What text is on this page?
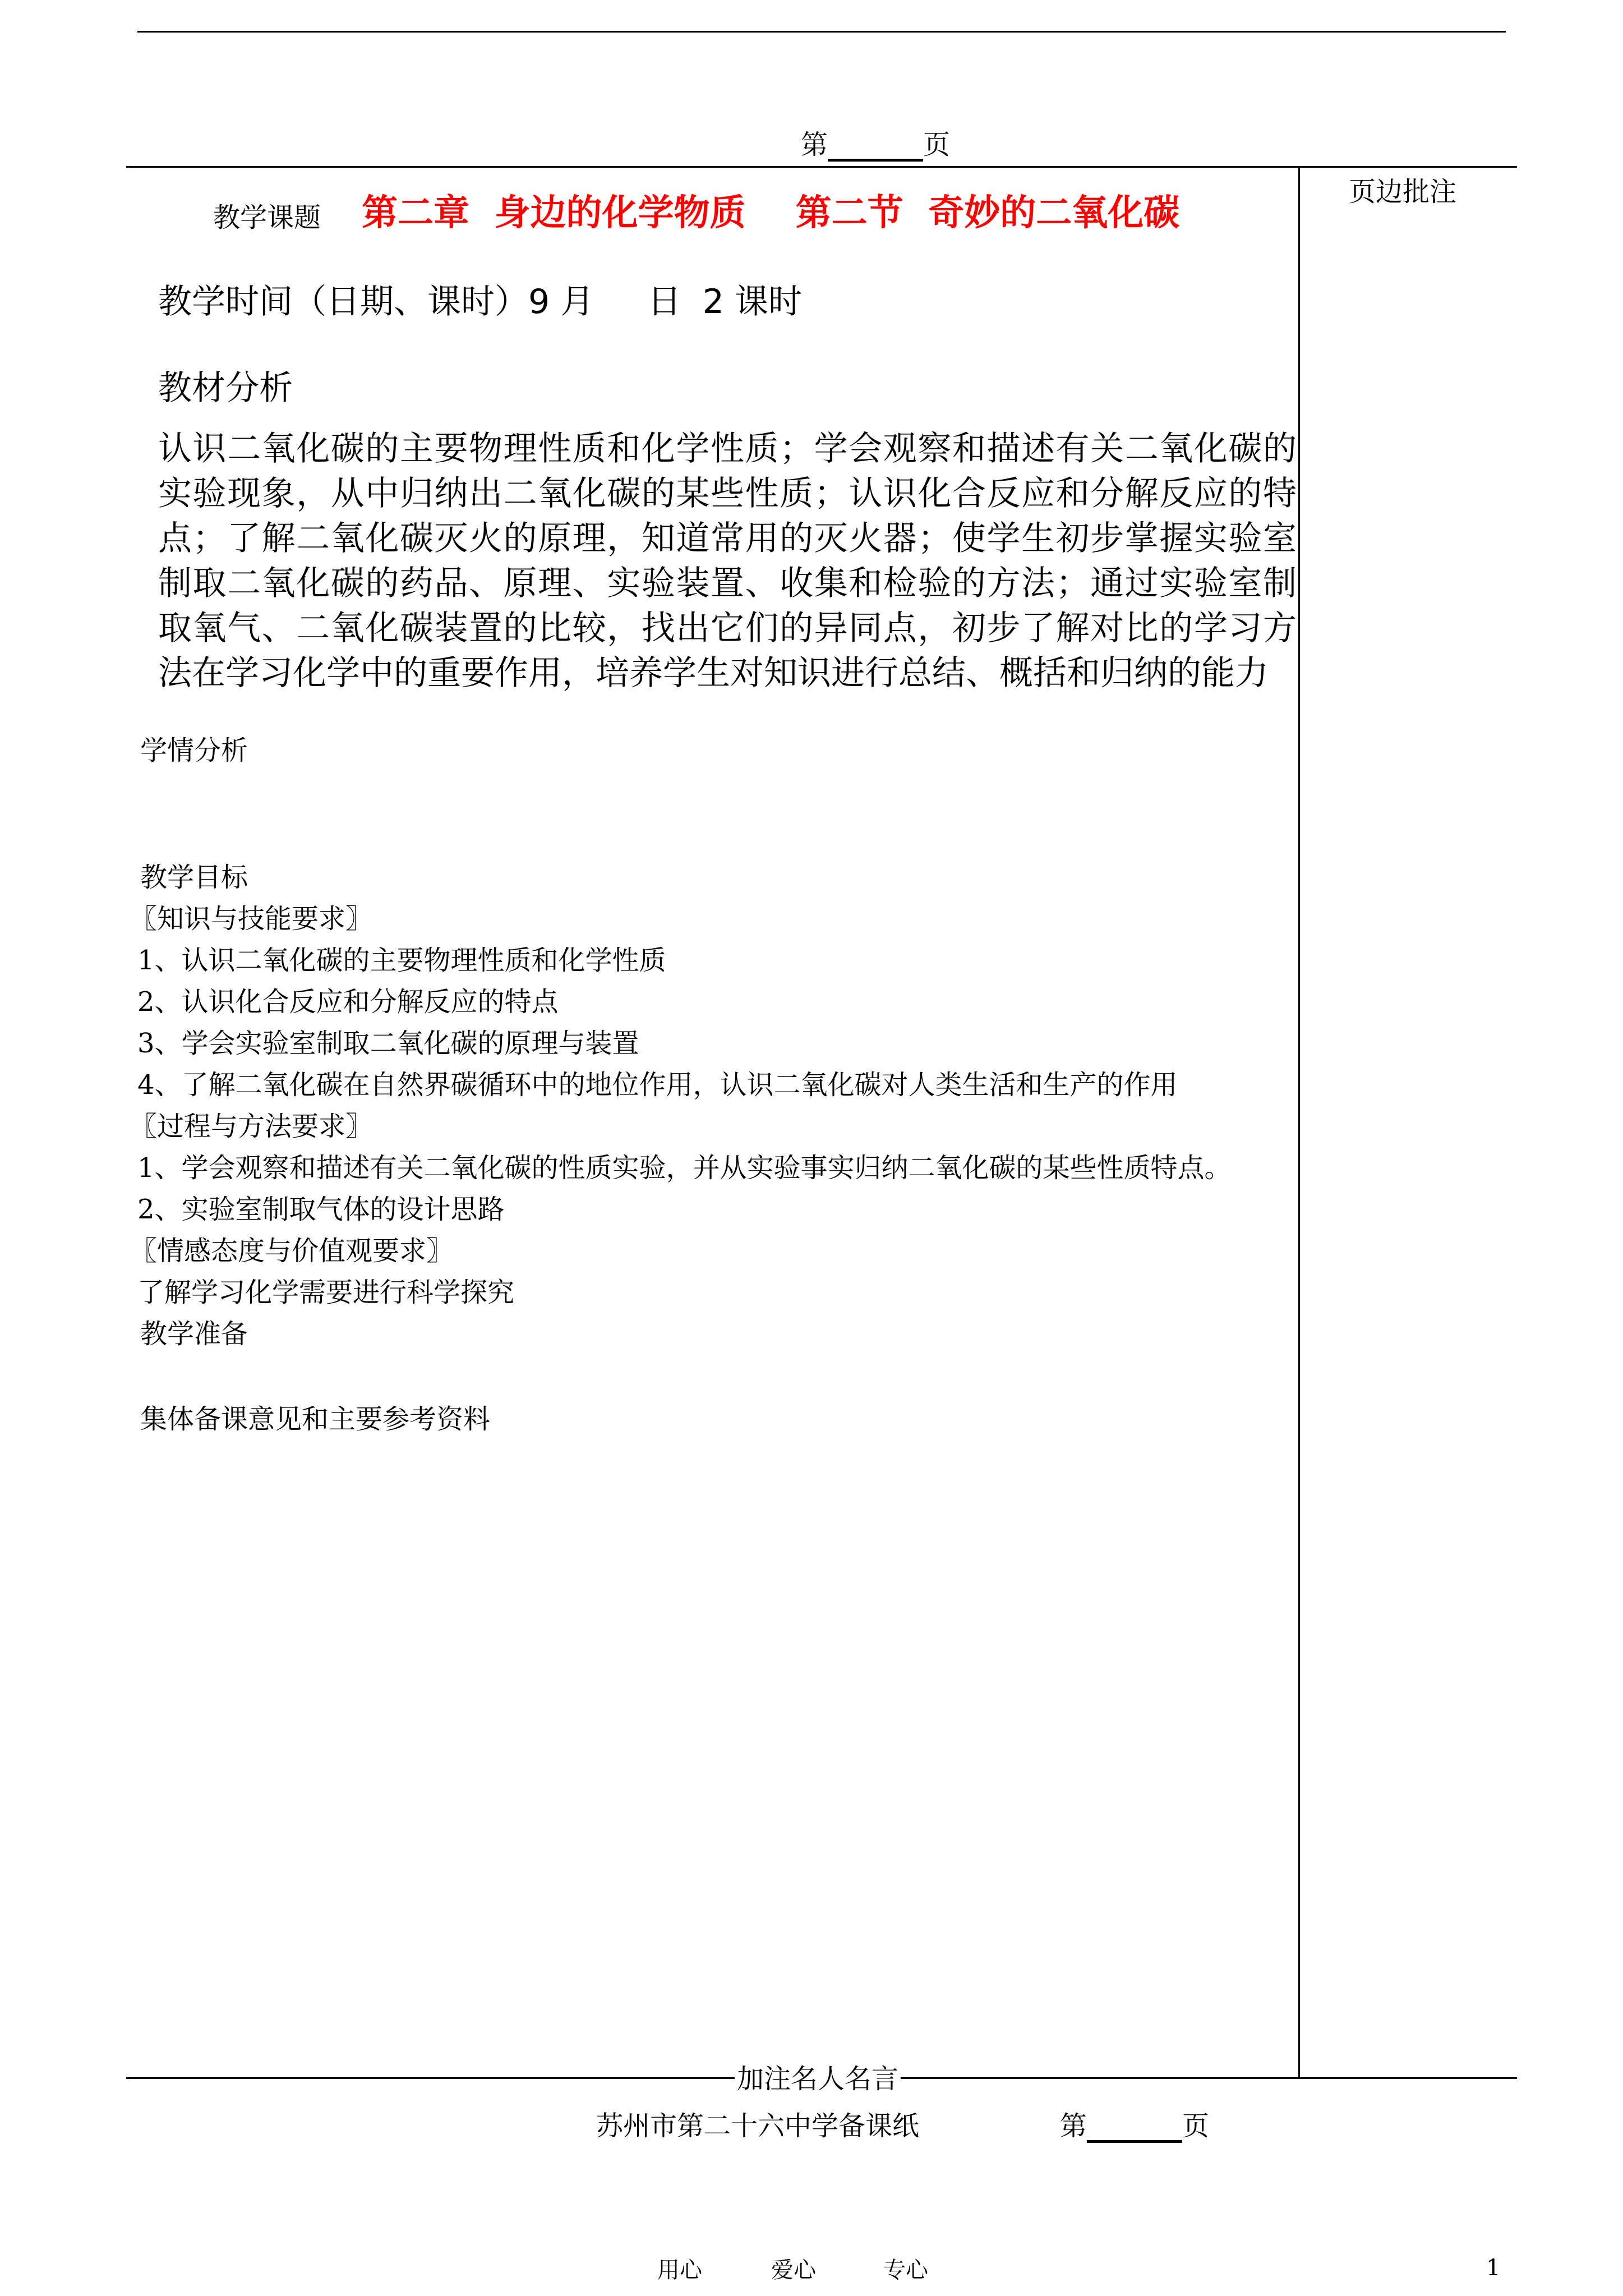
第	页
页边批注
教学课题 第二章  身边的化学物质    第二节  奇妙的二氧化碳
教学时间（日期、课时）9 月     日  2 课时
教材分析
认识二氧化碳的主要物理性质和化学性质；学会观察和描述有关二氧化碳的实验现象，从中归纳出二氧化碳的某些性质；认识化合反应和分解反应的特点；了解二氧化碳灭火的原理，知道常用的灭火器；使学生初步掌握实验室制取二氧化碳的药品、原理、实验装置、收集和检验的方法；通过实验室制取氧气、二氧化碳装置的比较，找出它们的异同点，初步了解对比的学习方法在学习化学中的重要作用，培养学生对知识进行总结、概括和归纳的能力
学情分析
教学目标
〖知识与技能要求〗
1、认识二氧化碳的主要物理性质和化学性质
2、认识化合反应和分解反应的特点
3、学会实验室制取二氧化碳的原理与装置
4、了解二氧化碳在自然界碳循环中的地位作用，认识二氧化碳对人类生活和生产的作用
〖过程与方法要求〗
1、学会观察和描述有关二氧化碳的性质实验，并从实验事实归纳二氧化碳的某些性质特点。
2、实验室制取气体的设计思路
〖情感态度与价值观要求〗
了解学习化学需要进行科学探究
教学准备
集体备课意见和主要参考资料
加注名人名言
苏州市第二十六中学备课纸	第	页
用心	爱心	专心	1
